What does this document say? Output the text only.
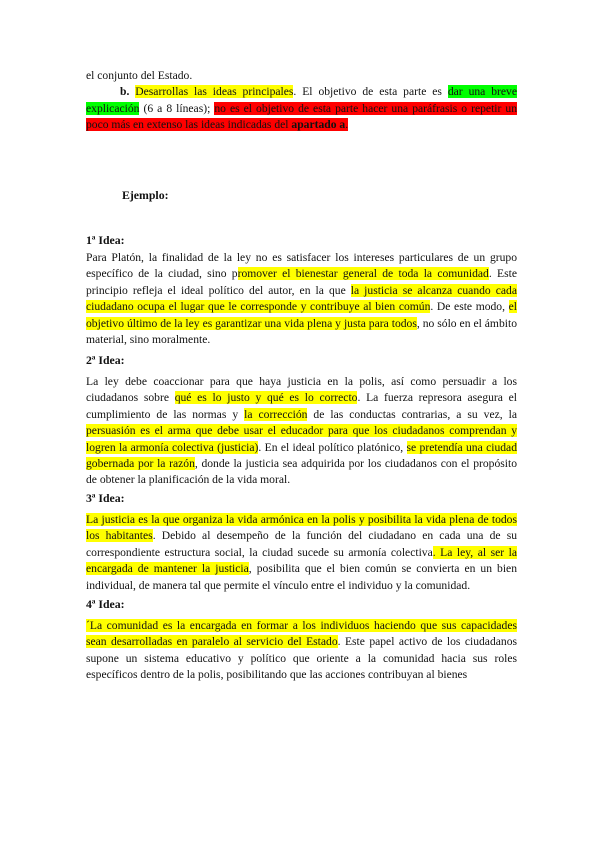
el conjunto del Estado.
b. Desarrollas las ideas principales. El objetivo de esta parte es dar una breve explicación (6 a 8 líneas); no es el objetivo de esta parte hacer una paráfrasis o repetir un poco más en extenso las ideas indicadas del apartado a.

Ejemplo:

1ª Idea:

Para Platón, la finalidad de la ley no es satisfacer los intereses particulares de un grupo específico de la ciudad, sino promover el bienestar general de toda la comunidad. Este principio refleja el ideal político del autor, en la que la justicia se alcanza cuando cada ciudadano ocupa el lugar que le corresponde y contribuye al bien común. De este modo, el objetivo último de la ley es garantizar una vida plena y justa para todos, no sólo en el ámbito material, sino moralmente.

2ª Idea:

La ley debe coaccionar para que haya justicia en la polis, así como persuadir a los ciudadanos sobre qué es lo justo y qué es lo correcto. La fuerza represora asegura el cumplimiento de las normas y la corrección de las conductas contrarias, a su vez, la persuasión es el arma que debe usar el educador para que los ciudadanos comprendan y logren la armonía colectiva (justicia). En el ideal político platónico, se pretendía una ciudad gobernada por la razón, donde la justicia sea adquirida por los ciudadanos con el propósito de obtener la planificación de la vida moral.

3ª Idea:

La justicia es la que organiza la vida armónica en la polis y posibilita la vida plena de todos los habitantes. Debido al desempeño de la función del ciudadano en cada una de su correspondiente estructura social, la ciudad sucede su armonía colectiva. La ley, al ser la encargada de mantener la justicia, posibilita que el bien común se convierta en un bien individual, de manera tal que permite el vínculo entre el individuo y la comunidad.

4ª Idea:

´La comunidad es la encargada en formar a los individuos haciendo que sus capacidades sean desarrolladas en paralelo al servicio del Estado. Este papel activo de los ciudadanos supone un sistema educativo y político que oriente a la comunidad hacia sus roles específicos dentro de la polis, posibilitando que las acciones contribuyan al bienes
